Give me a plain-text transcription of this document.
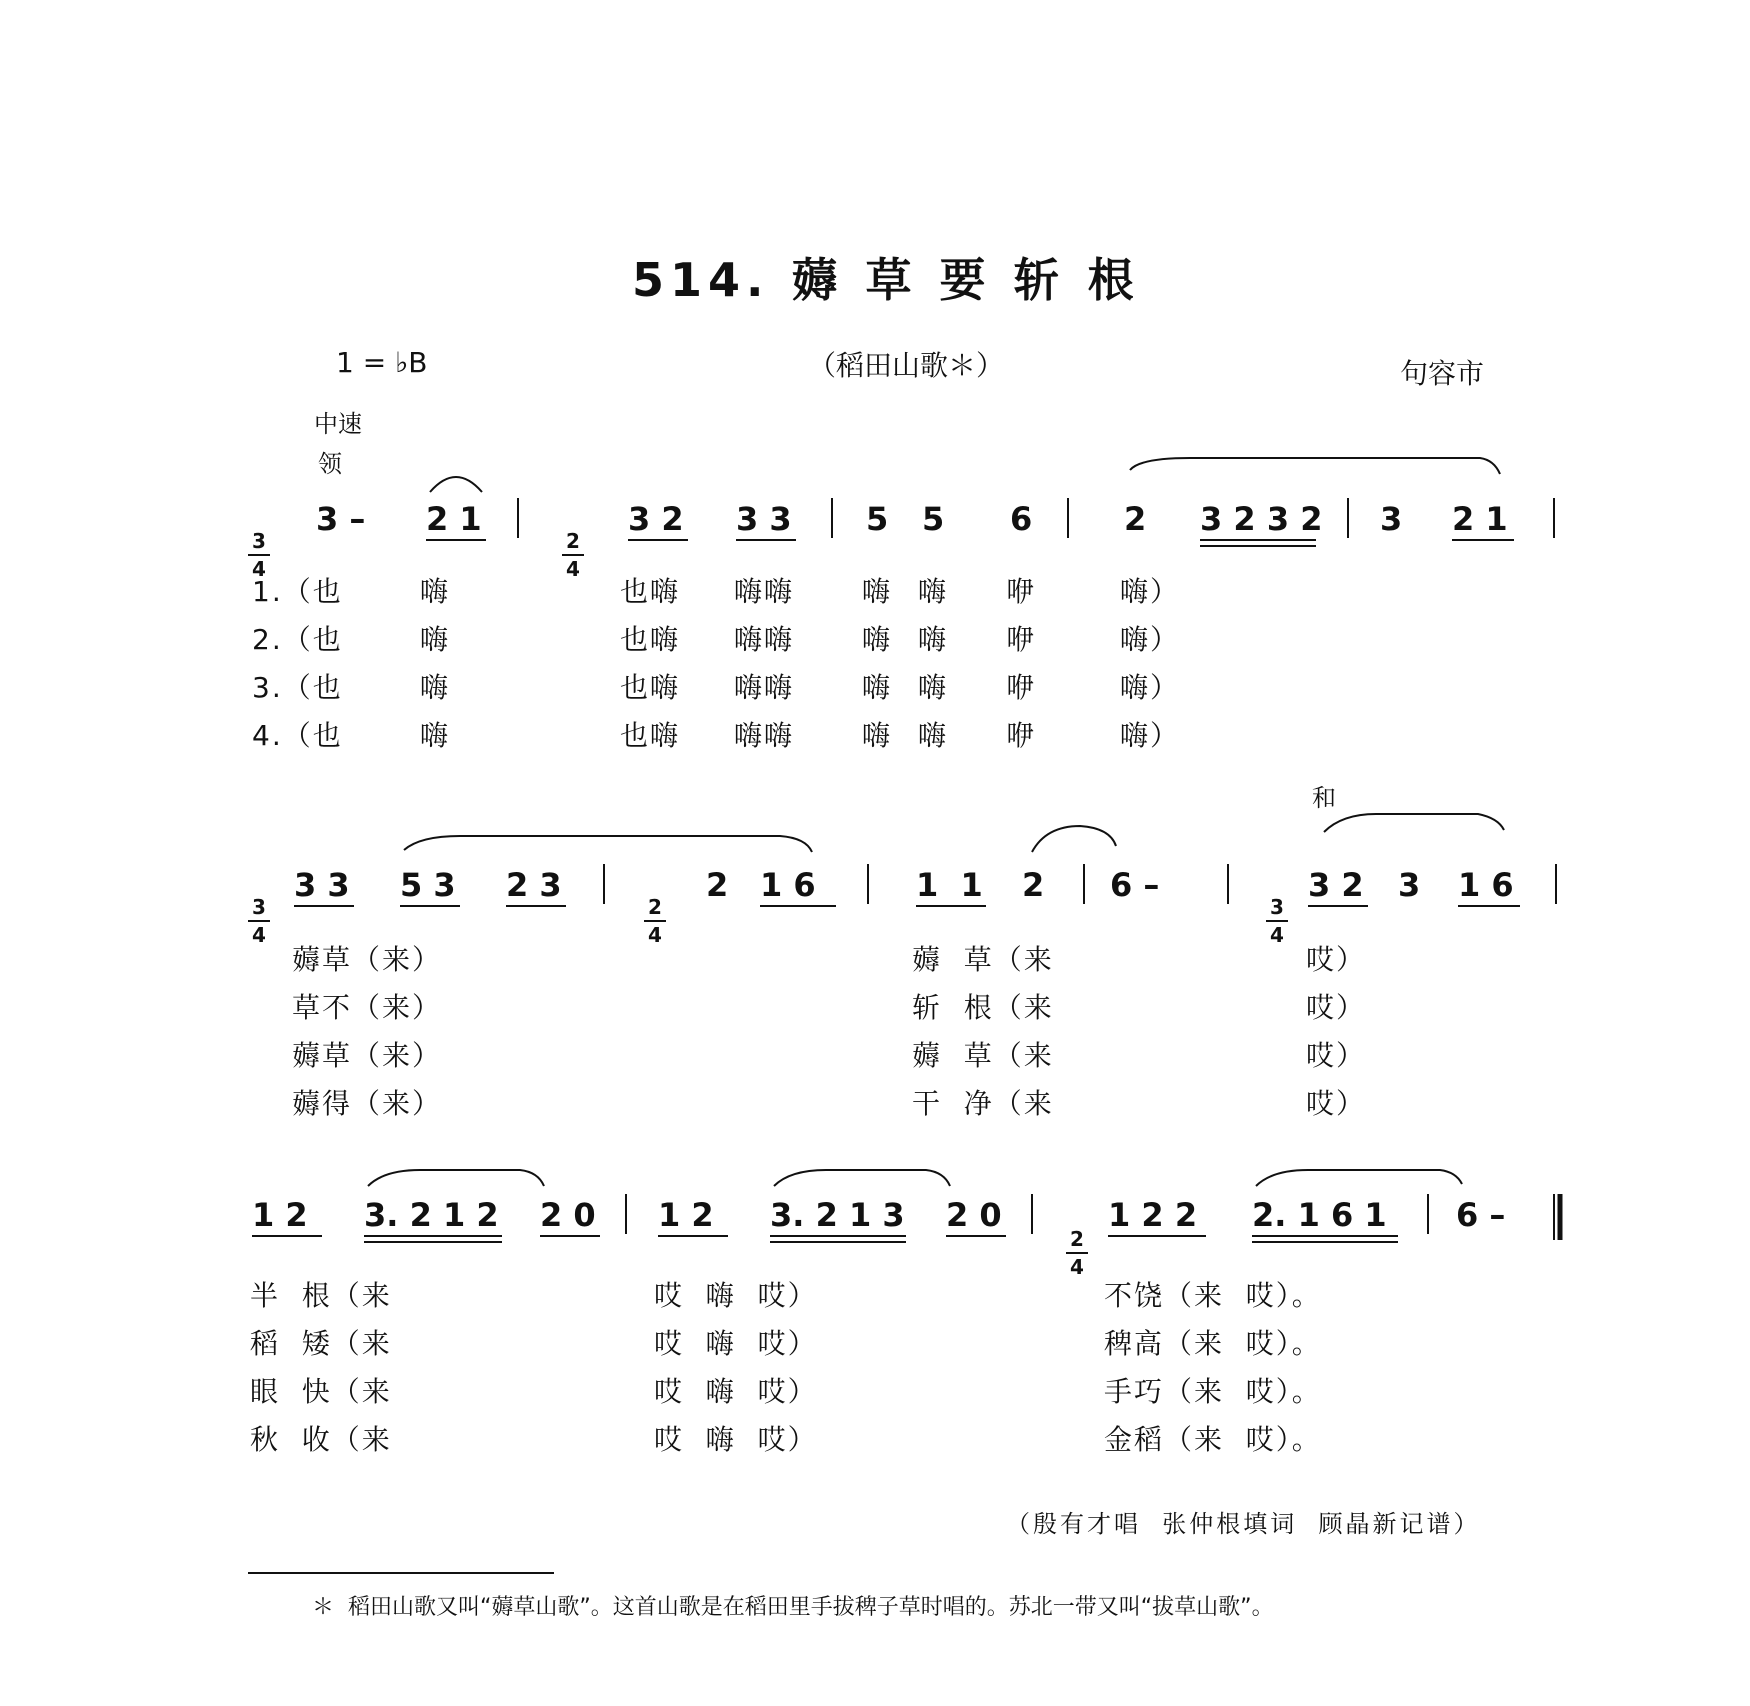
514. 薅 草 要 斩 根
1 = ♭B	（稻田山歌＊）	句容市
中速
领
和

3
4

3 – 2 1

2
4

3 2 3 3 5 5 6	2 3 2 3 2 3 2 1
1.（也	嗨	也嗨 嗨嗨 嗨 嗨 咿	嗨）
2.（也	嗨	也嗨 嗨嗨 嗨 嗨 咿	嗨）
3.（也	嗨	也嗨 嗨嗨 嗨 嗨 咿	嗨）
4.（也	嗨	也嗨 嗨嗨 嗨 嗨 咿	嗨）

3
4

3 3 5 3 2 3

2
4

2 1 6	1  1 2 6 –

3
4

3 2 3 1 6
薅草（来）	薅  草（来	哎）
草不（来）	斩  根（来	哎）
薅草（来）	薅  草（来	哎）
薅得（来）	干  净（来	哎）
1 2 3. 2 1 2 2 0 1 2 3. 2 1 3 2 0

2
4

1 2 2 2. 1 6 1 6 –
半  根（来	哎  嗨  哎）	不饶（来  哎）。
稻  矮（来	哎  嗨  哎）	稗高（来  哎）。
眼  快（来	哎  嗨  哎）	手巧（来  哎）。
秋  收（来	哎  嗨  哎）	金稻（来  哎）。
（殷有才唱  张仲根填词  顾晶新记谱）
＊  稻田山歌又叫“薅草山歌”。这首山歌是在稻田里手拔稗子草时唱的。苏北一带又叫“拔草山歌”。
